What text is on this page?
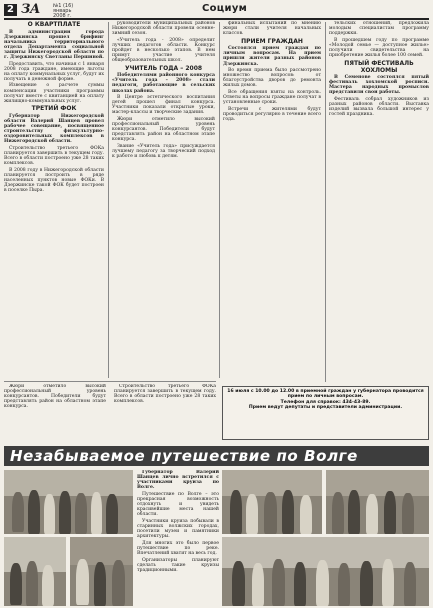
2 ЗА	№1 (16) январь 2008 г.
Социум

О КВАРТПЛАТЕ

В администрации города Дзержинска прошел брифинг начальника территориального отдела Департамента социальной защиты Нижегородской области по г. Дзержинску Светланы Першиной.

Предоставить, что начиная с 1 января 2008 года граждане, имеющие льготы на оплату коммунальных услуг, будут их получать в денежной форме.

Извещение о расчете суммы компенсации участники программы получат вместе с квитанцией на оплату жилищно-коммунальных услуг.

ТРЕТИЙ ФОК

Губернатор Нижегородской области Валерий Шанцев провел рабочее совещание, посвященное строительству физкультурно-оздоровительных комплексов в Нижегородской области.

Строительство третьего ФОКа планируется завершить в текущем году. Всего в области построено уже 28 таких комплексов.

В 2008 году в Нижегородской области планируется построить в ряде населенных пунктов новые ФОКи. В Дзержинске такой ФОК будет построен в поселке Пыра.

руководители муниципальных районов Нижегородской области провели осенне-зимний сезон.

«Учитель года - 2008» определит лучших педагогов области. Конкурс пройдет в несколько этапов. В нем примут участие учителя общеобразовательных школ.

УЧИТЕЛЬ ГОДА – 2008

Победителями районного конкурса «Учитель года – 2008» стали педагоги, работающие в сельских школах района.

В Центре эстетического воспитания детей прошел финал конкурса. Участники показали открытые уроки, мастер-классы и творческие задания.

Жюри отметило высокий профессиональный уровень конкурсантов. Победители будут представлять район на областном этапе конкурса.

Звание «Учитель года» присуждается лучшему педагогу за творческий подход к работе и любовь к детям.

финальных испытаний по мнению жюри стали учителя начальных классов.

ПРИЕМ ГРАЖДАН

Состоялся прием граждан по личным вопросам. На прием пришли жители разных районов Дзержинска.

Во время приема было рассмотрено множество вопросов: от благоустройства дворов до ремонта жилых домов.

Все обращения взяты на контроль. Ответы на вопросы граждане получат в установленные сроки.

Встречи с жителями будут проводиться регулярно в течение всего года.

тельских отношений, предложила молодым специалистам программу поддержки.

В прошедшем году по программе «Молодой семье — доступное жилье» получили свидетельства на приобретение жилья более 100 семей.

ПЯТЫЙ ФЕСТИВАЛЬ ХОХЛОМЫ

В Семенове состоялся пятый фестиваль хохломской росписи. Мастера народных промыслов представили свои работы.

Фестиваль собрал художников из разных районов области. Выставка изделий вызвала большой интерес у гостей праздника.

Жюри отметило высокий профессиональный уровень конкурсантов. Победители будут представлять район на областном этапе конкурса.

Строительство третьего ФОКа планируется завершить в текущем году. Всего в области построено уже 28 таких комплексов.

16 июля с 10.00 до 12.00 в приемной граждан у губернатора проводится прием по личным вопросам.
Телефон для справок: 434-43-89.
Прием ведут депутаты и представители администрации.
Незабываемое путешествие по Волге

Губернатор Валерий Шанцев лично встретился с участниками круиза по Волге.

Путешествие по Волге – это прекрасная возможность отдохнуть и увидеть красивейшие места нашей области.

Участники круиза побывали в старинных волжских городах, посетили музеи и памятники архитектуры.

Для многих это было первое путешествие по реке. Впечатлений хватит на весь год.

Организаторы планируют сделать такие круизы традиционными.
